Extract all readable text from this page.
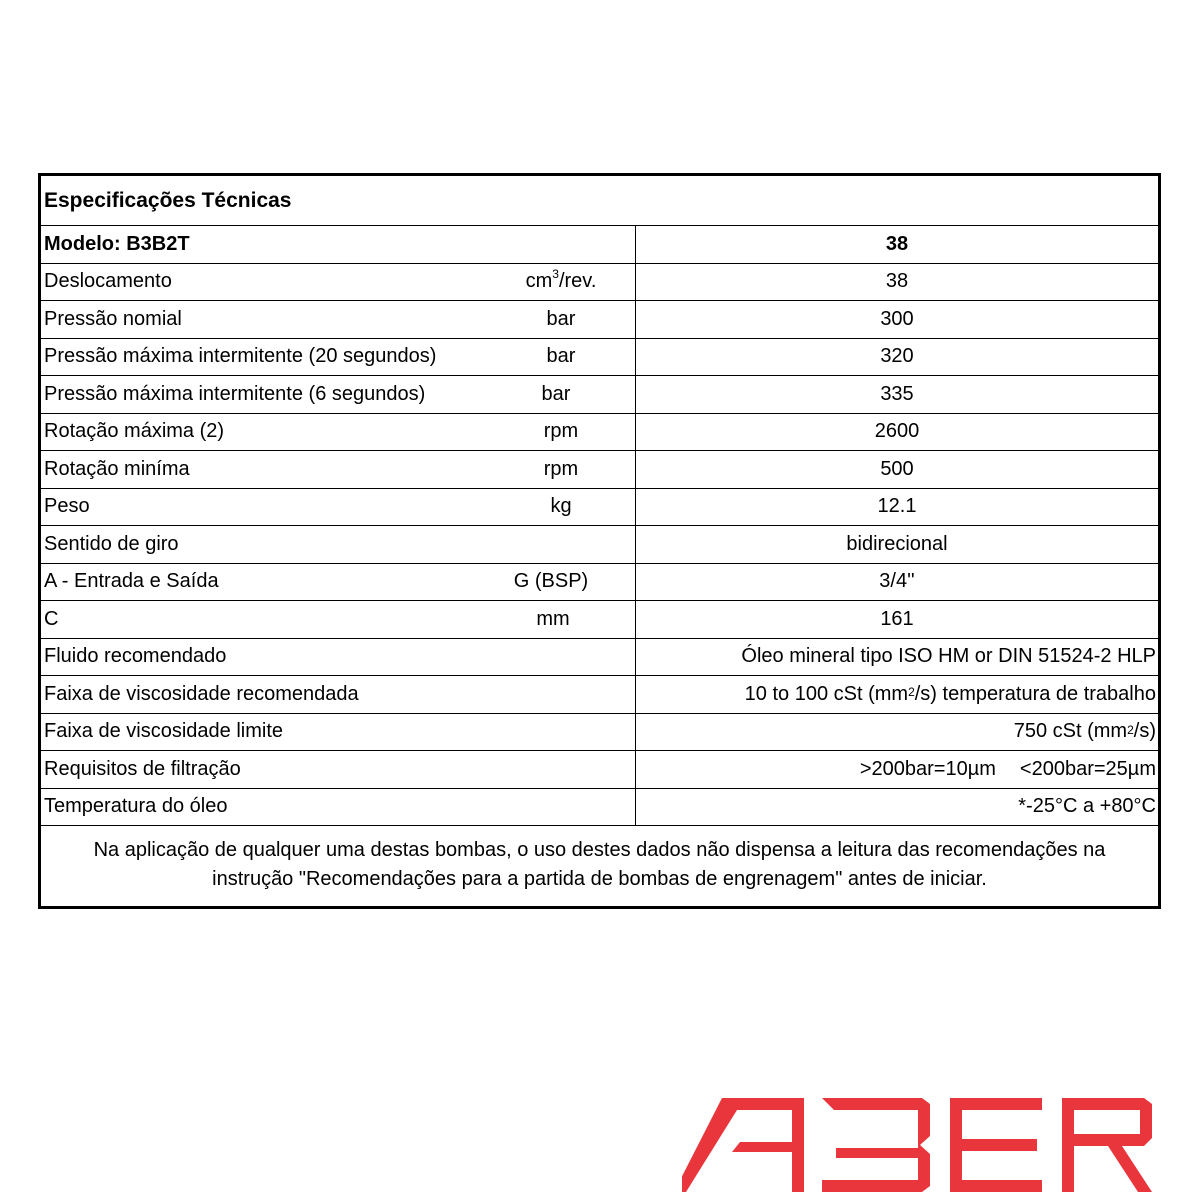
Especificações Técnicas
Modelo: B3B2T	38
Deslocamento	$cm^3$/rev.	38
Pressão nomial	bar	300
Pressão máxima intermitente (20 segundos)	bar	320
Pressão máxima intermitente (6 segundos)	bar	335
Rotação máxima (2)	rpm	2600
Rotação miníma	rpm	500
Peso	kg	12.1
Sentido de giro	bidirecional
A - Entrada e Saída	G (BSP)	3/4''
C	mm	161
Fluido recomendado	Óleo mineral tipo ISO HM or DIN 51524-2 HLP
Faixa de viscosidade recomendada	10 to 100 cSt ($mm^2$ /s) temperatura de trabalho
Faixa de viscosidade limite	750 cSt ($mm^2$ /s)
Requisitos de filtração	>200bar=10µm <200bar=25µm
Temperatura do óleo	*-25°C a +80°C
Na aplicação de qualquer uma destas bombas, o uso destes dados não dispensa a leitura das recomendações na instrução "Recomendações para a partida de bombas de engrenagem" antes de iniciar.
